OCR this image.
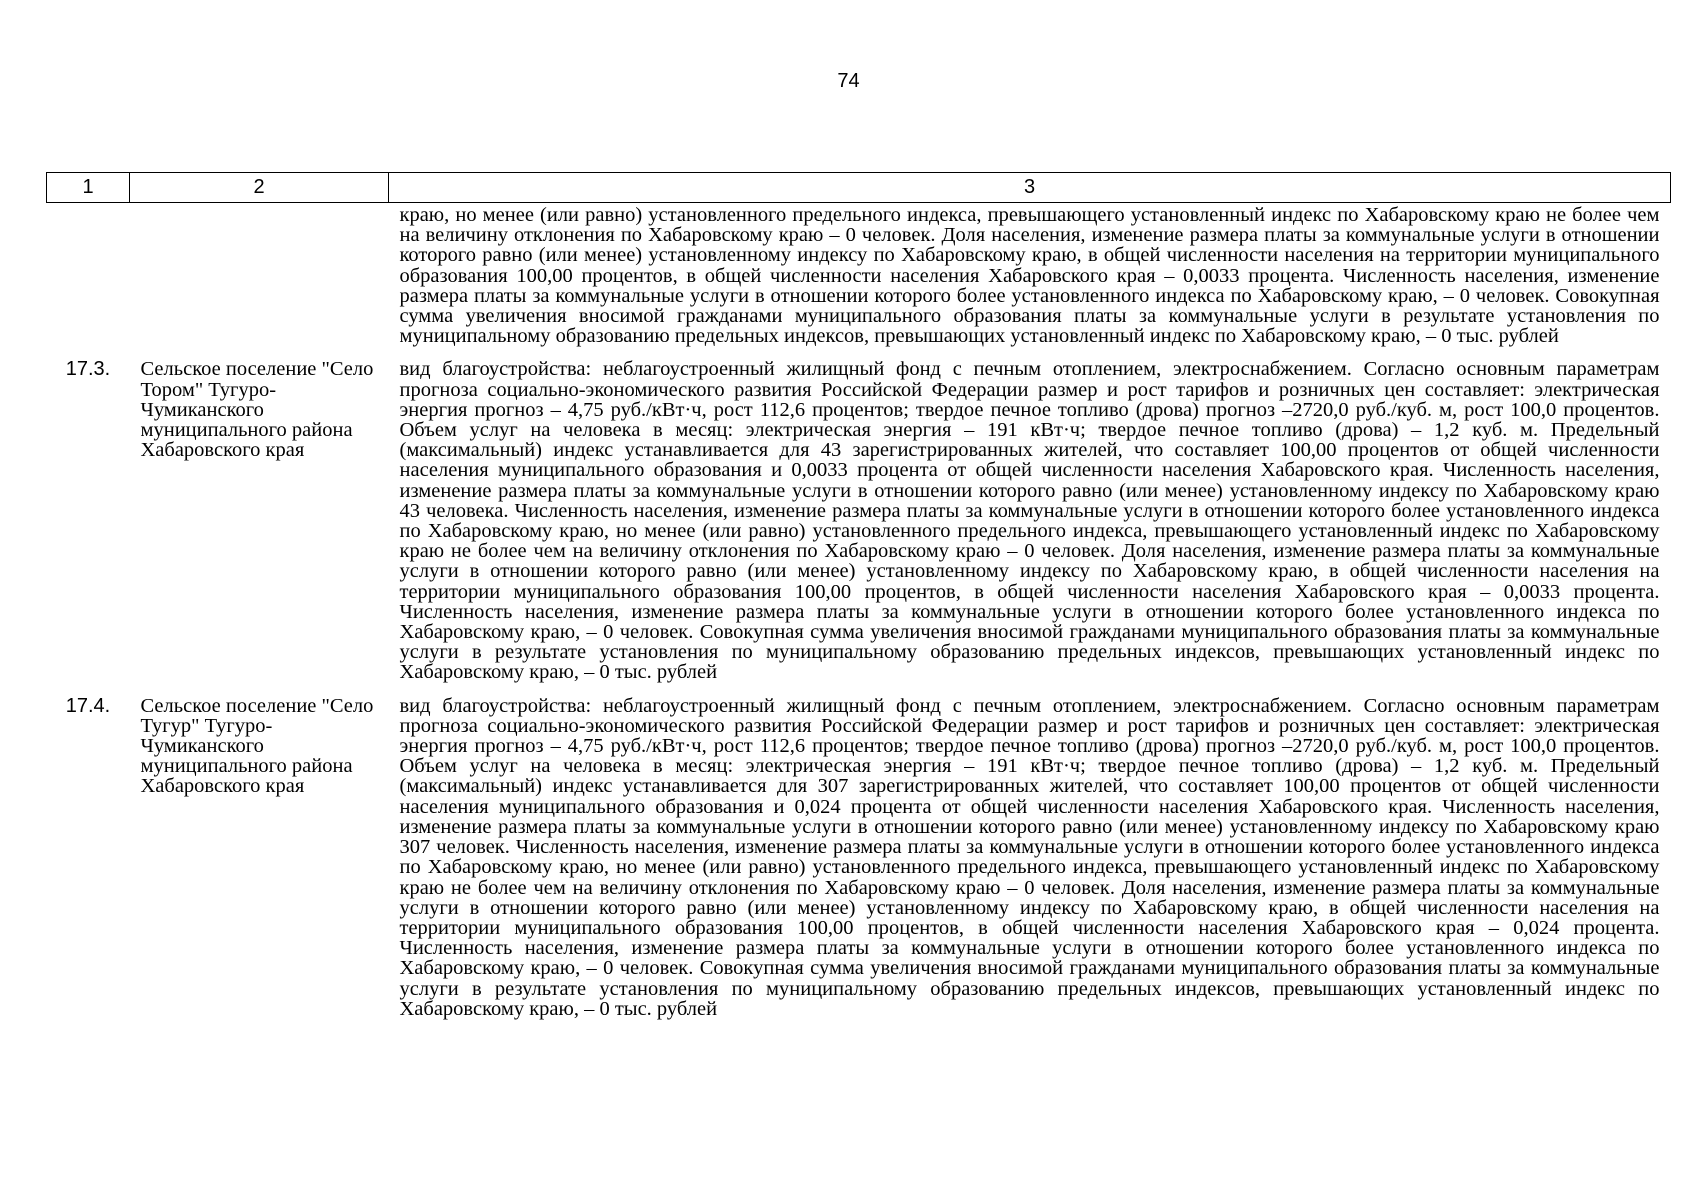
74
1	2	3
		краю, но менее (или равно) установленного предельного индекса, превышающего установленный индекс по Хабаровскому краю не более чем на величину отклонения по Хабаровскому краю – 0 человек. Доля населения, изменение размера платы за коммунальные услуги в отношении которого равно (или менее) установленному индексу по Хабаровскому краю, в общей численности населения на территории муниципального образования 100,00 процентов, в общей численности населения Хабаровского края – 0,0033 процента. Численность населения, изменение размера платы за коммунальные услуги в отношении которого более установленного индекса по Хабаровскому краю, – 0 человек. Совокупная сумма увеличения вносимой гражданами муниципального образования платы за коммунальные услуги в результате установления по муниципальному образованию предельных индексов, превышающих установленный индекс по Хабаровскому краю, – 0 тыс. рублей
17.3.	Сельское поселение "Село Тором" Тугуро-Чумиканского муниципального района Хабаровского края	вид благоустройства: неблагоустроенный жилищный фонд с печным отоплением, электроснабжением. Согласно основным параметрам прогноза социально-экономического развития Российской Федерации размер и рост тарифов и розничных цен составляет: электрическая энергия прогноз – 4,75 руб./кВт·ч, рост 112,6 процентов; твердое печное топливо (дрова) прогноз –2720,0 руб./куб. м, рост 100,0 процентов. Объем услуг на человека в месяц: электрическая энергия – 191 кВт·ч; твердое печное топливо (дрова) – 1,2 куб. м. Предельный (максимальный) индекс устанавливается для 43 зарегистрированных жителей, что составляет 100,00 процентов от общей численности населения муниципального образования и 0,0033 процента от общей численности населения Хабаровского края. Численность населения, изменение размера платы за коммунальные услуги в отношении которого равно (или менее) установленному индексу по Хабаровскому краю 43 человека. Численность населения, изменение размера платы за коммунальные услуги в отношении которого более установленного индекса по Хабаровскому краю, но менее (или равно) установленного предельного индекса, превышающего установленный индекс по Хабаровскому краю не более чем на величину отклонения по Хабаровскому краю – 0 человек. Доля населения, изменение размера платы за коммунальные услуги в отношении которого равно (или менее) установленному индексу по Хабаровскому краю, в общей численности населения на территории муниципального образования 100,00 процентов, в общей численности населения Хабаровского края – 0,0033 процента. Численность населения, изменение размера платы за коммунальные услуги в отношении которого более установленного индекса по Хабаровскому краю, – 0 человек. Совокупная сумма увеличения вносимой гражданами муниципального образования платы за коммунальные услуги в результате установления по муниципальному образованию предельных индексов, превышающих установленный индекс по Хабаровскому краю, – 0 тыс. рублей
17.4.	Сельское поселение "Село Тугур" Тугуро-Чумиканского муниципального района Хабаровского края	вид благоустройства: неблагоустроенный жилищный фонд с печным отоплением, электроснабжением. Согласно основным параметрам прогноза социально-экономического развития Российской Федерации размер и рост тарифов и розничных цен составляет: электрическая энергия прогноз – 4,75 руб./кВт·ч, рост 112,6 процентов; твердое печное топливо (дрова) прогноз –2720,0 руб./куб. м, рост 100,0 процентов. Объем услуг на человека в месяц: электрическая энергия – 191 кВт·ч; твердое печное топливо (дрова) – 1,2 куб. м. Предельный (максимальный) индекс устанавливается для 307 зарегистрированных жителей, что составляет 100,00 процентов от общей численности населения муниципального образования и 0,024 процента от общей численности населения Хабаровского края. Численность населения, изменение размера платы за коммунальные услуги в отношении которого равно (или менее) установленному индексу по Хабаровскому краю 307 человек. Численность населения, изменение размера платы за коммунальные услуги в отношении которого более установленного индекса по Хабаровскому краю, но менее (или равно) установленного предельного индекса, превышающего установленный индекс по Хабаровскому краю не более чем на величину отклонения по Хабаровскому краю – 0 человек. Доля населения, изменение размера платы за коммунальные услуги в отношении которого равно (или менее) установленному индексу по Хабаровскому краю, в общей численности населения на территории муниципального образования 100,00 процентов, в общей численности населения Хабаровского края – 0,024 процента. Численность населения, изменение размера платы за коммунальные услуги в отношении которого более установленного индекса по Хабаровскому краю, – 0 человек. Совокупная сумма увеличения вносимой гражданами муниципального образования платы за коммунальные услуги в результате установления по муниципальному образованию предельных индексов, превышающих установленный индекс по Хабаровскому краю, – 0 тыс. рублей
